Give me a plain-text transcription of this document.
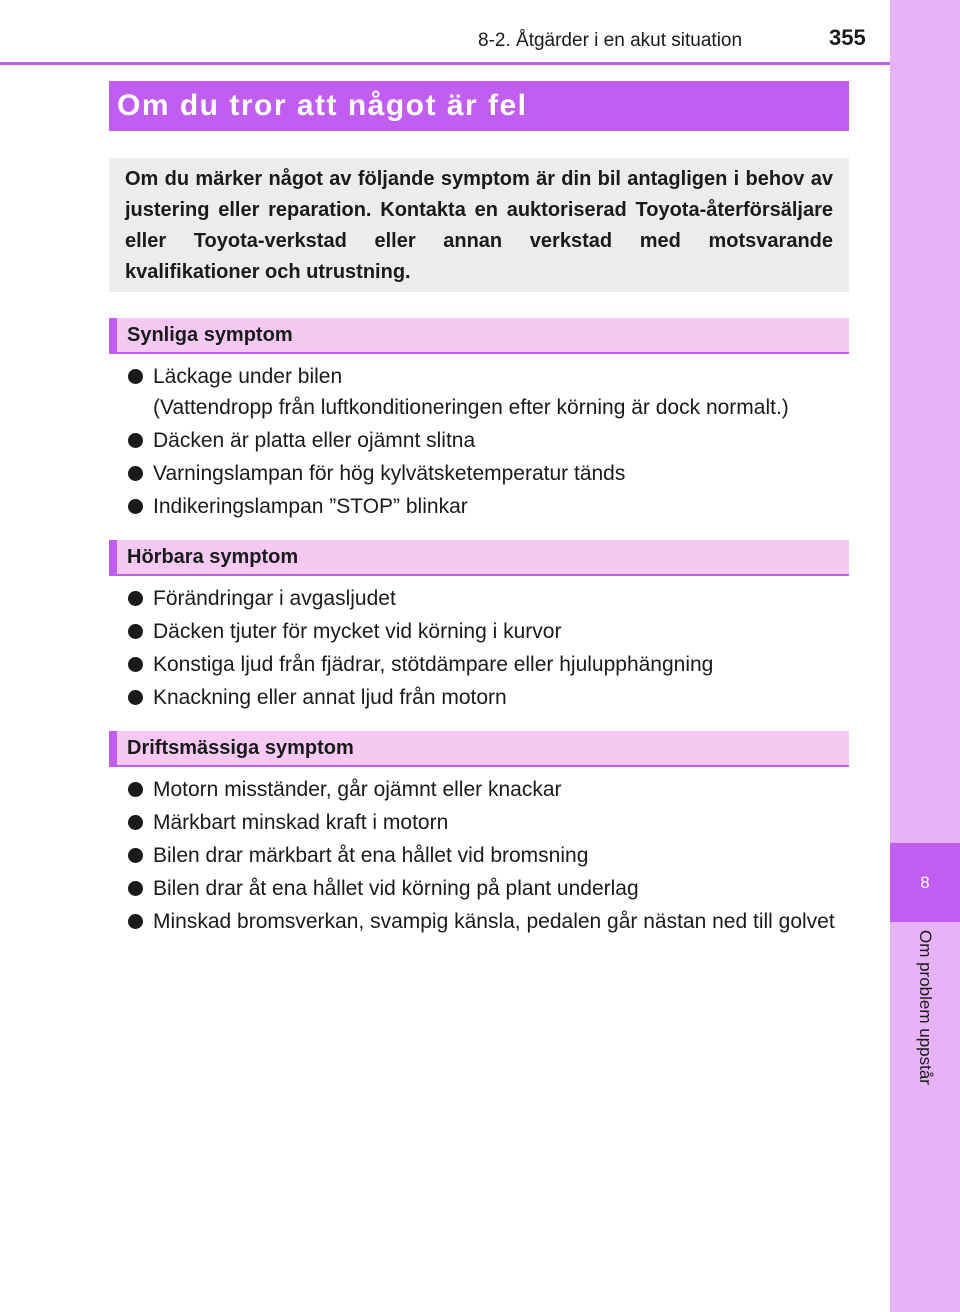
8
Om problem uppstår
8-2. Åtgärder i en akut situation	355
Om du tror att något är fel
Om du märker något av följande symptom är din bil antagligen i behov av justering eller reparation. Kontakta en auktoriserad Toyota-återförsäljare eller Toyota-verkstad eller annan verkstad med motsvarande kvalifikationer och utrustning.
Synliga symptom
Läckage under bilen
(Vattendropp från luftkonditioneringen efter körning är dock normalt.)
Däcken är platta eller ojämnt slitna
Varningslampan för hög kylvätsketemperatur tänds
Indikeringslampan ”STOP” blinkar
Hörbara symptom
Förändringar i avgasljudet
Däcken tjuter för mycket vid körning i kurvor
Konstiga ljud från fjädrar, stötdämpare eller hjulupphängning
Knackning eller annat ljud från motorn
Driftsmässiga symptom
Motorn misständer, går ojämnt eller knackar
Märkbart minskad kraft i motorn
Bilen drar märkbart åt ena hållet vid bromsning
Bilen drar åt ena hållet vid körning på plant underlag
Minskad bromsverkan, svampig känsla, pedalen går nästan ned till golvet
